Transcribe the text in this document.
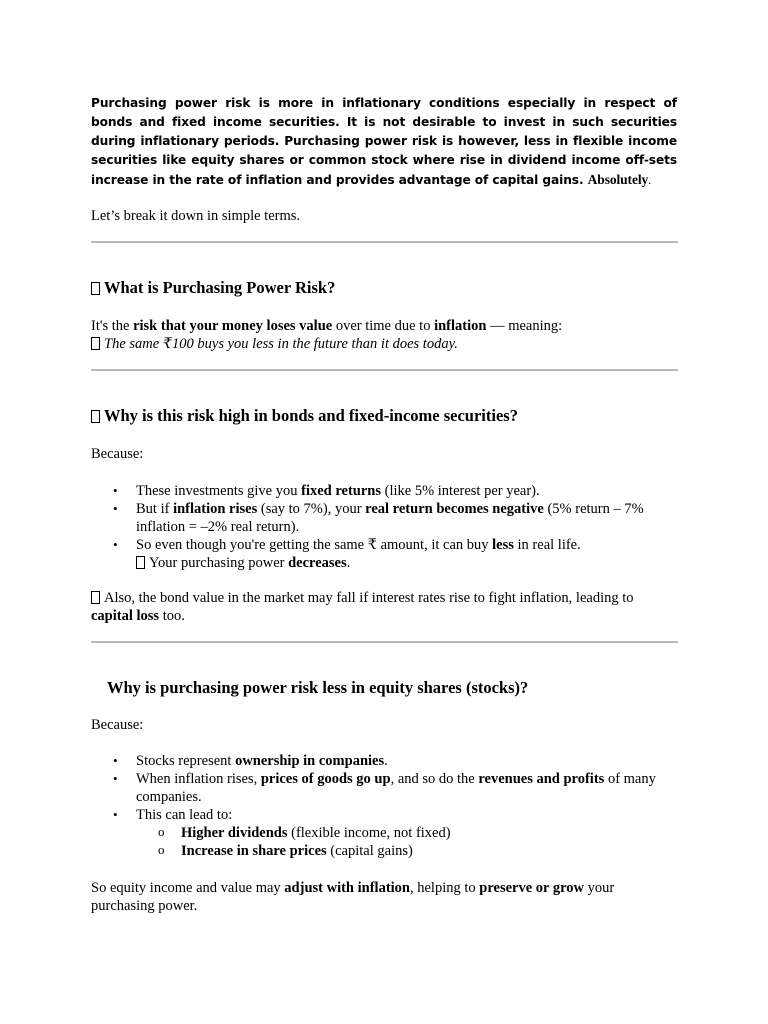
Purchasing power risk is more in inflationary conditions especially in respect of bonds and fixed income securities. It is not desirable to invest in such securities during inflationary periods. Purchasing power risk is however, less in flexible income securities like equity shares or common stock where rise in dividend income off-sets increase in the rate of inflation and provides advantage of capital gains. Absolutely.

Let’s break it down in simple terms.

What is Purchasing Power Risk?

It's the risk that your money loses value over time due to inflation — meaning:

The same ₹100 buys you less in the future than it does today.

Why is this risk high in bonds and fixed-income securities?

Because:

• These investments give you fixed returns (like 5% interest per year).
• But if inflation rises (say to 7%), your real return becomes negative (5% return – 7% inflation = –2% real return).
• So even though you're getting the same ₹ amount, it can buy less in real life.
Your purchasing power decreases.

Also, the bond value in the market may fall if interest rates rise to fight inflation, leading to capital loss too.

Why is purchasing power risk less in equity shares (stocks)?

Because:

• Stocks represent ownership in companies.
• When inflation rises, prices of goods go up, and so do the revenues and profits of many companies.
• This can lead to:
o Higher dividends (flexible income, not fixed)
o Increase in share prices (capital gains)

So equity income and value may adjust with inflation, helping to preserve or grow your purchasing power.
